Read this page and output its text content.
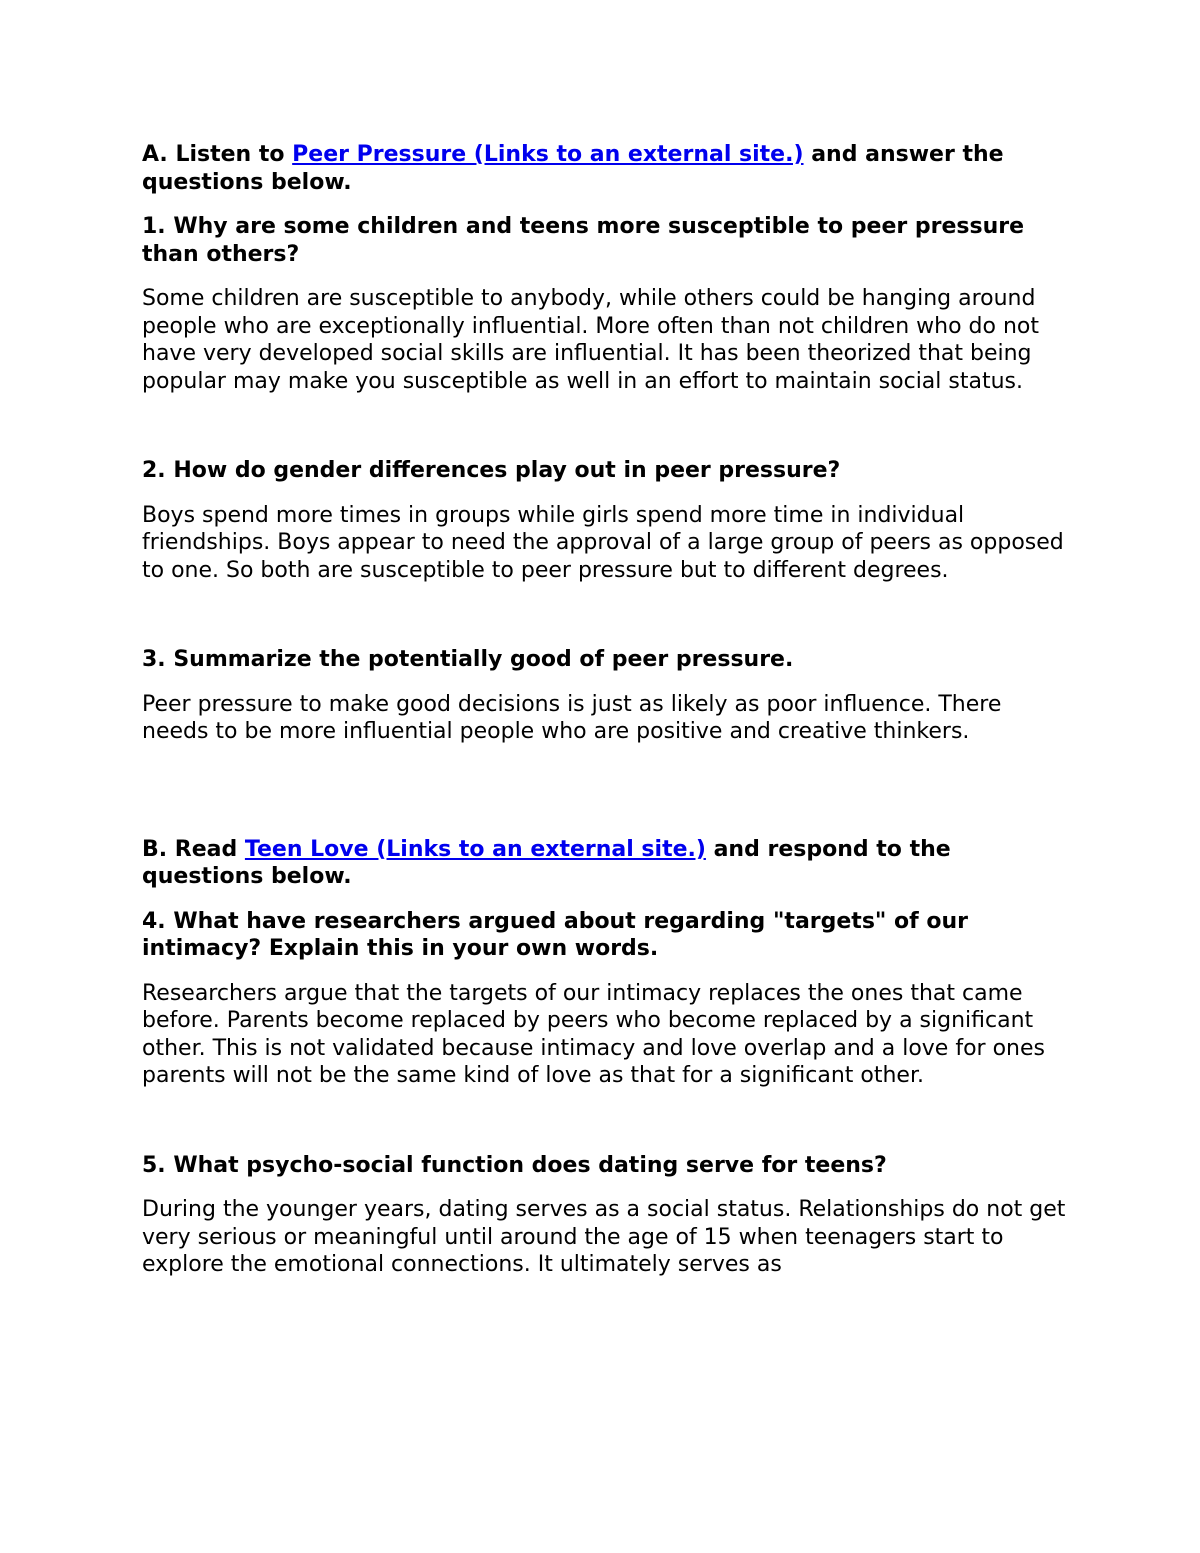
A. Listen to Peer Pressure (Links to an external site.) and answer the questions below.

1. Why are some children and teens more susceptible to peer pressure than others?

Some children are susceptible to anybody, while others could be hanging around people who are exceptionally influential. More often than not children who do not have very developed social skills are influential. It has been theorized that being popular may make you susceptible as well in an effort to maintain social status.

2. How do gender differences play out in peer pressure?

Boys spend more times in groups while girls spend more time in individual friendships. Boys appear to need the approval of a large group of peers as opposed to one. So both are susceptible to peer pressure but to different degrees.

3. Summarize the potentially good of peer pressure.

Peer pressure to make good decisions is just as likely as poor influence. There needs to be more influential people who are positive and creative thinkers.

B. Read Teen Love (Links to an external site.) and respond to the questions below.

4. What have researchers argued about regarding "targets" of our intimacy? Explain this in your own words.

Researchers argue that the targets of our intimacy replaces the ones that came before. Parents become replaced by peers who become replaced by a significant other. This is not validated because intimacy and love overlap and a love for ones parents will not be the same kind of love as that for a significant other.

5. What psycho-social function does dating serve for teens?

During the younger years, dating serves as a social status. Relationships do not get very serious or meaningful until around the age of 15 when teenagers start to explore the emotional connections. It ultimately serves as
